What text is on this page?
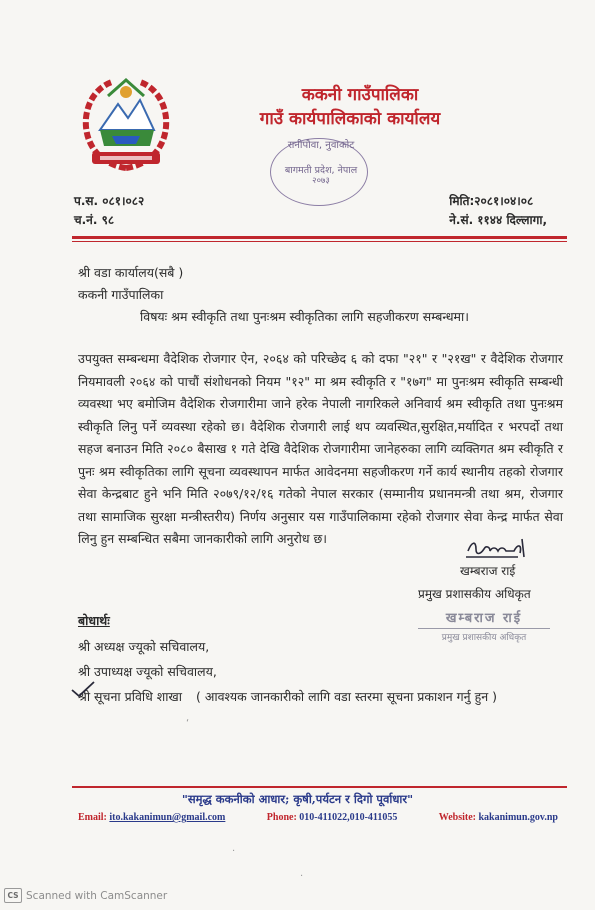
ककनी गाउँपालिका
गाउँ कार्यपालिकाको कार्यालय
रानीपौवा, नुवाकोट
बागमती प्रदेश, नेपाल
२०७३
प.स. ०८१।०८२
च.नं. ९८
मिति:२०८१।०४।०८
ने.सं. ११४४ दिल्लागा,
श्री वडा कार्यालय(सबै )
ककनी गाउँपालिका
विषयः श्रम स्वीकृति तथा पुनःश्रम स्वीकृतिका लागि सहजीकरण सम्बन्धमा।
उपयुक्त सम्बन्धमा वैदेशिक रोजगार ऐन, २०६४ को परिच्छेद ६ को दफा "२१" र "२१ख" र वैदेशिक रोजगार नियमावली २०६४ को पाचौं संशोधनको नियम "१२" मा श्रम स्वीकृति र "१७ग" मा पुनःश्रम स्वीकृति सम्बन्धी व्यवस्था भए बमोजिम वैदेशिक रोजगारीमा जाने हरेक नेपाली नागरिकले अनिवार्य श्रम स्वीकृति तथा पुनःश्रम स्वीकृति लिनु पर्ने व्यवस्था रहेको छ। वैदेशिक रोजगारी लाई थप व्यवस्थित,सुरक्षित,मर्यादित र भरपर्दो तथा सहज बनाउन मिति २०८० बैसाख १ गते देखि वैदेशिक रोजगारीमा जानेहरुका लागि व्यक्तिगत श्रम स्वीकृति र पुनः श्रम स्वीकृतिका लागि सूचना व्यवस्थापन मार्फत आवेदनमा सहजीकरण गर्ने कार्य स्थानीय तहको रोजगार सेवा केन्द्रबाट हुने भनि मिति २०७९/१२/१६ गतेको नेपाल सरकार (सम्मानीय प्रधानमन्त्री तथा श्रम, रोजगार तथा सामाजिक सुरक्षा मन्त्रीस्तरीय) निर्णय अनुसार यस गाउँपालिकामा रहेको रोजगार सेवा केन्द्र मार्फत सेवा लिनु हुन सम्बन्धित सबैमा जानकारीको लागि अनुरोध छ।
खम्बराज राई
प्रमुख प्रशासकीय अधिकृत
खम्बराज राई
प्रमुख प्रशासकीय अधिकृत
बोधार्थः
श्री अध्यक्ष ज्यूको सचिवालय,
श्री उपाध्यक्ष ज्यूको सचिवालय,
श्री सूचना प्रविधि शाखा ( आवश्यक जानकारीको लागि वडा स्तरमा सूचना प्रकाशन गर्नु हुन )
‘
.
.
"समृद्ध ककनीको आधार; कृषी,पर्यटन र दिगो पूर्वाधार"
Email: ito.kakanimun@gmail.com	Phone: 010-411022,010-411055	Website: kakanimun.gov.np
CS Scanned with CamScanner
